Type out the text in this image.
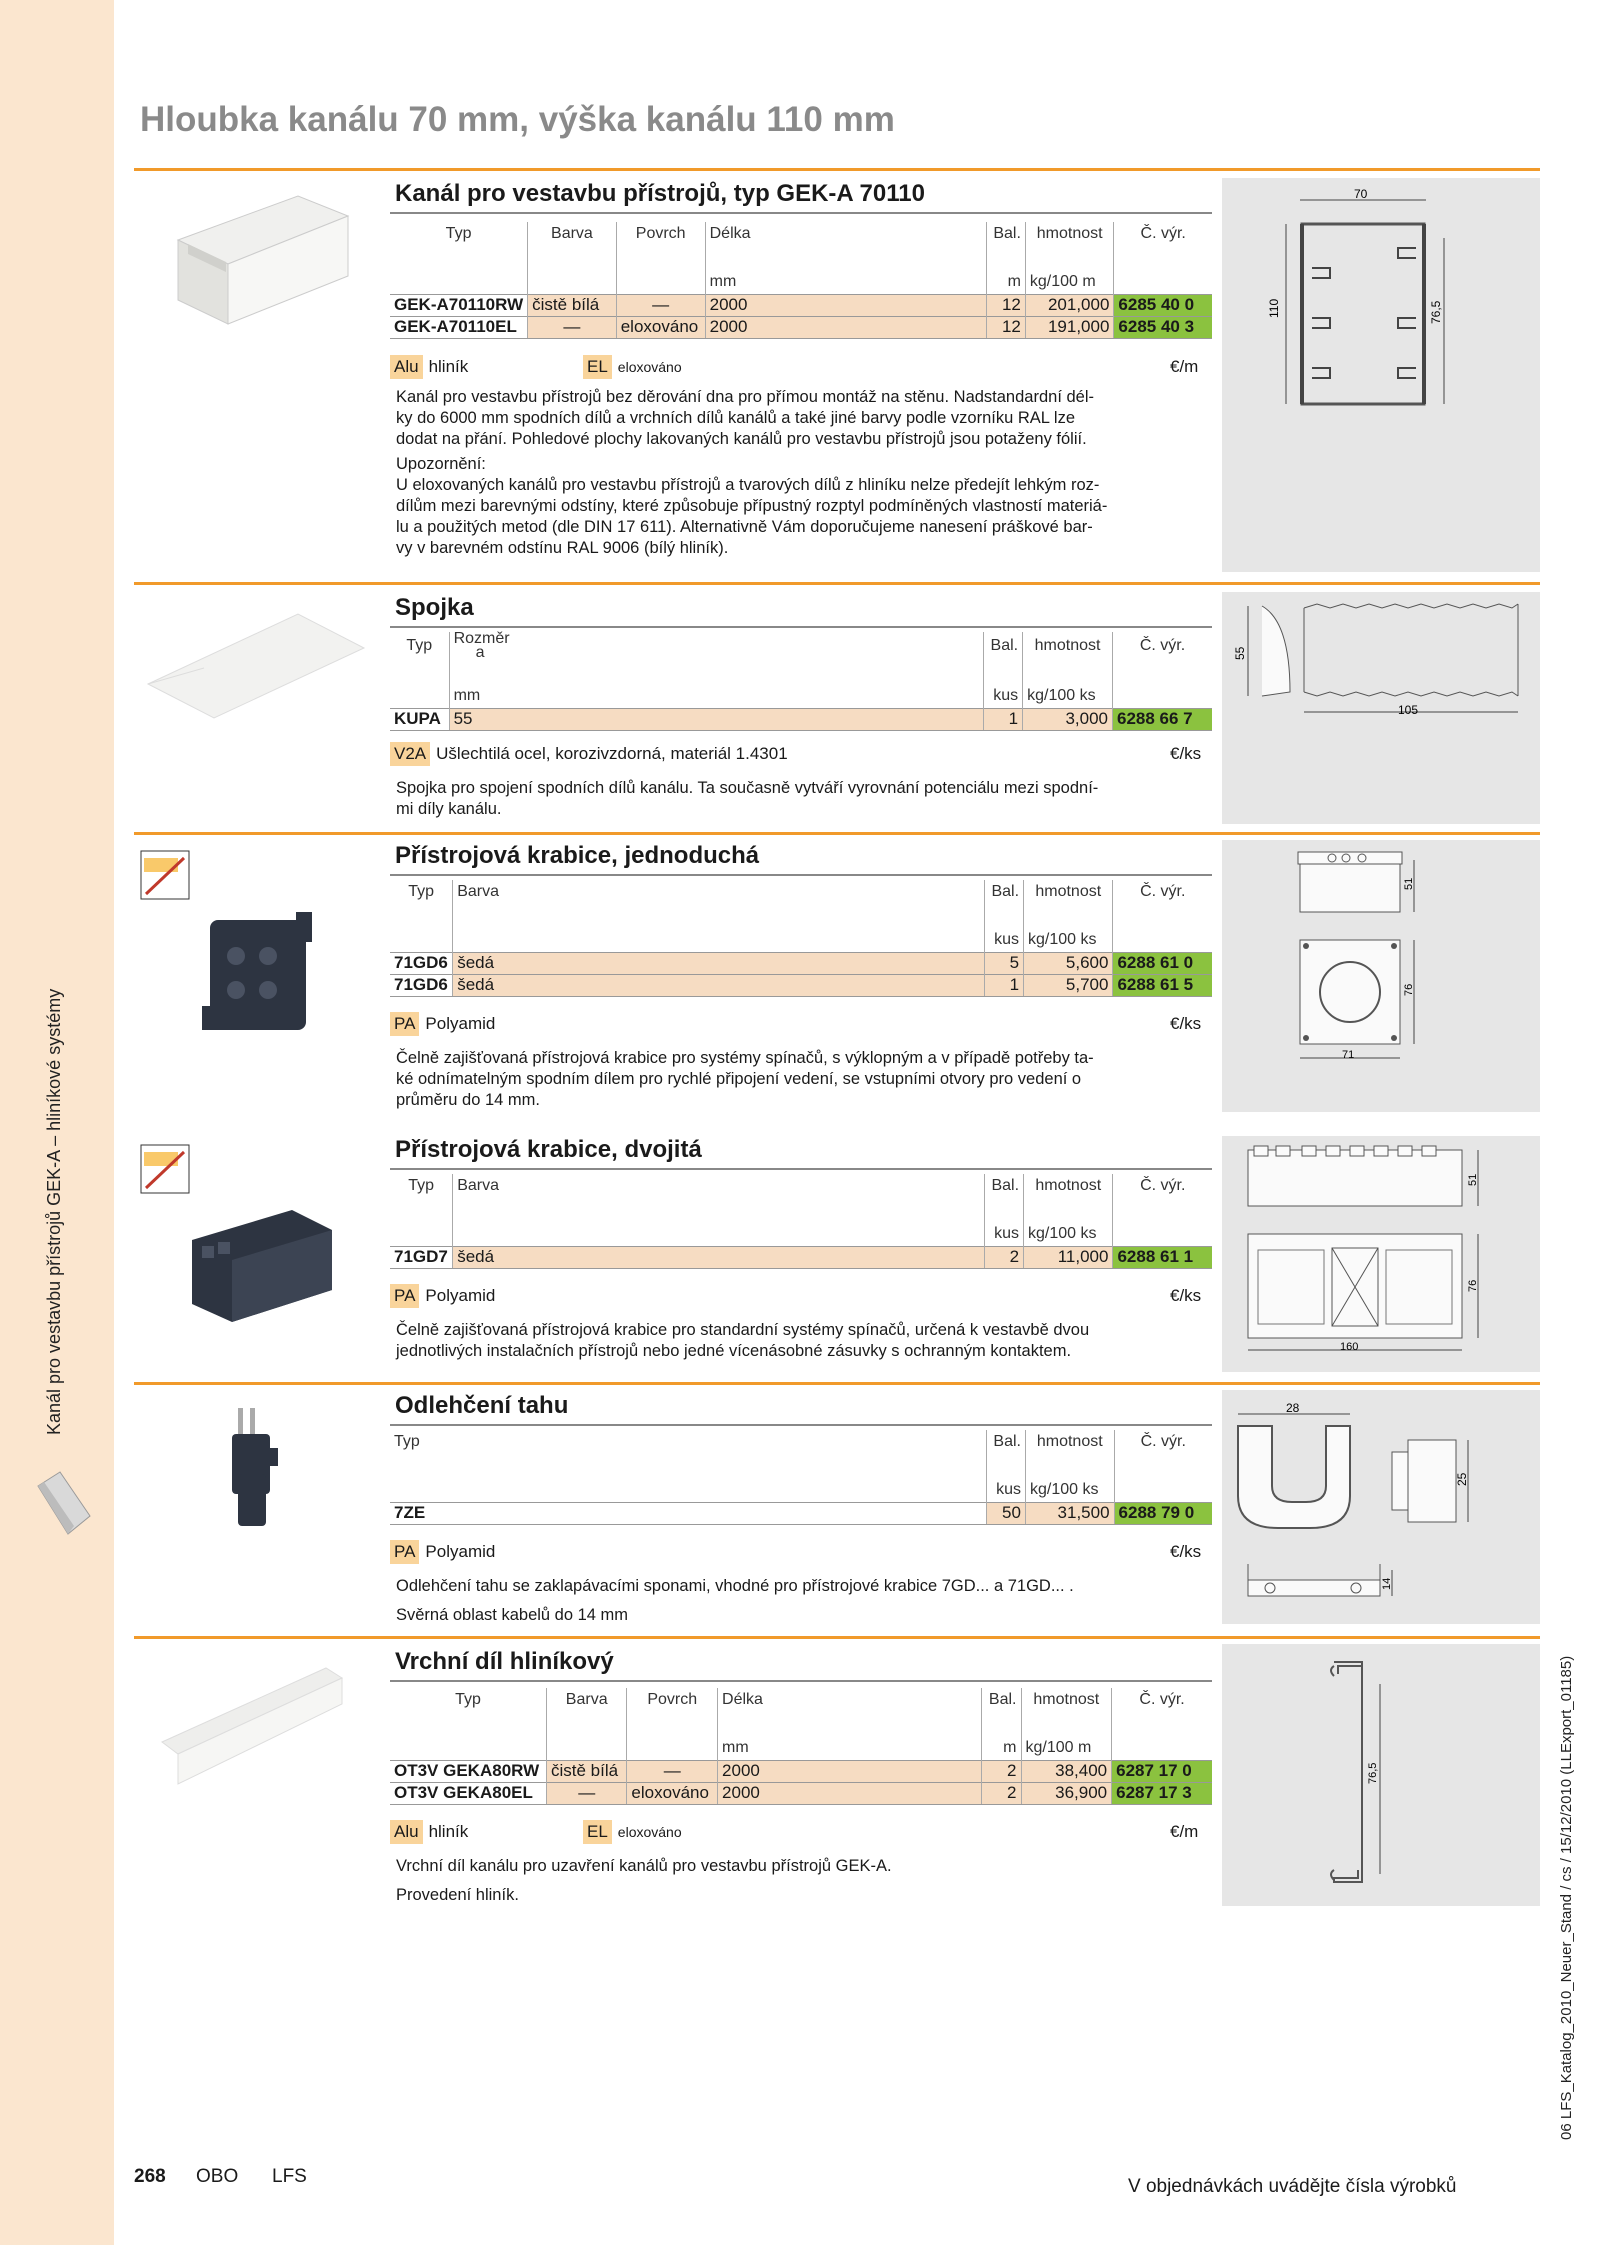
Kanál pro vestavbu přístrojů GEK-A – hliníkové systémy
06 LFS_Katalog_2010_Neuer_Stand / cs / 15/12/2010 (LLExport_01185)
Hloubka kanálu 70 mm, výška kanálu 110 mm
Kanál pro vestavbu přístrojů, typ GEK-A 70110
Typ	Barva	Povrch	Délka	Bal.	hmotnost	Č. výr.

			mm	m	kg/100 m	
GEK-A70110RW	čistě bílá	—	2000	12	201,000	6285 40 0
GEK-A70110EL	—	eloxováno	2000	12	191,000	6285 40 3
Alu hliník	EL eloxováno	€/m

Kanál pro vestavbu přístrojů bez děrování dna pro přímou montáž na stěnu. Nadstandardní dél-

ky do 6000 mm spodních dílů a vrchních dílů kanálů a také jiné barvy podle vzorníku RAL lze

dodat na přání. Pohledové plochy lakovaných kanálů pro vestavbu přístrojů jsou potaženy fólií.

Upozornění:

U eloxovaných kanálů pro vestavbu přístrojů a tvarových dílů z hliníku nelze předejít lehkým roz-

dílům mezi barevnými odstíny, které způsobuje přípustný rozptyl podmíněných vlastností materiá-

lu a použitých metod (dle DIN 17 611). Alternativně Vám doporučujeme nanesení práškové bar-

vy v barevném odstínu RAL 9006 (bílý hliník).

70
110	76,5
Spojka
Typ	Rozměr
a	Bal.	hmotnost	Č. výr.

	mm	kus	kg/100 ks	
KUPA	55	1	3,000	6288 66 7
V2A Ušlechtilá ocel, korozivzdorná, materiál 1.4301	€/ks

Spojka pro spojení spodních dílů kanálu. Ta současně vytváří vyrovnání potenciálu mezi spodní-

mi díly kanálu.

55
105
Přístrojová krabice, jednoduchá
Typ	Barva	Bal.	hmotnost	Č. výr.

		kus	kg/100 ks	
71GD6	šedá	5	5,600	6288 61 0
71GD6	šedá	1	5,700	6288 61 5
PA Polyamid	€/ks

Čelně zajišťovaná přístrojová krabice pro systémy spínačů, s výklopným a v případě potřeby ta-

ké odnímatelným spodním dílem pro rychlé připojení vedení, se vstupními otvory pro vedení o

průměru do 14 mm.

51
76
71
Přístrojová krabice, dvojitá
Typ	Barva	Bal.	hmotnost	Č. výr.

		kus	kg/100 ks	
71GD7	šedá	2	11,000	6288 61 1
PA Polyamid	€/ks

Čelně zajišťovaná přístrojová krabice pro standardní systémy spínačů, určená k vestavbě dvou

jednotlivých instalačních přístrojů nebo jedné vícenásobné zásuvky s ochranným kontaktem.

51
76
160
Odlehčení tahu
Typ	Bal.	hmotnost	Č. výr.

	kus	kg/100 ks	
7ZE	50	31,500	6288 79 0
PA Polyamid	€/ks

Odlehčení tahu se zaklapávacími sponami, vhodné pro přístrojové krabice 7GD... a 71GD... .

Svěrná oblast kabelů do 14 mm

28
25
14
Vrchní díl hliníkový
Typ	Barva	Povrch	Délka	Bal.	hmotnost	Č. výr.

			mm	m	kg/100 m	
OT3V GEKA80RW	čistě bílá	—	2000	2	38,400	6287 17 0
OT3V GEKA80EL	—	eloxováno	2000	2	36,900	6287 17 3
Alu hliník	EL eloxováno	€/m

Vrchní díl kanálu pro uzavření kanálů pro vestavbu přístrojů GEK-A.

Provedení hliník.

76,5
268 OBO LFS	V objednávkách uvádějte čísla výrobků
